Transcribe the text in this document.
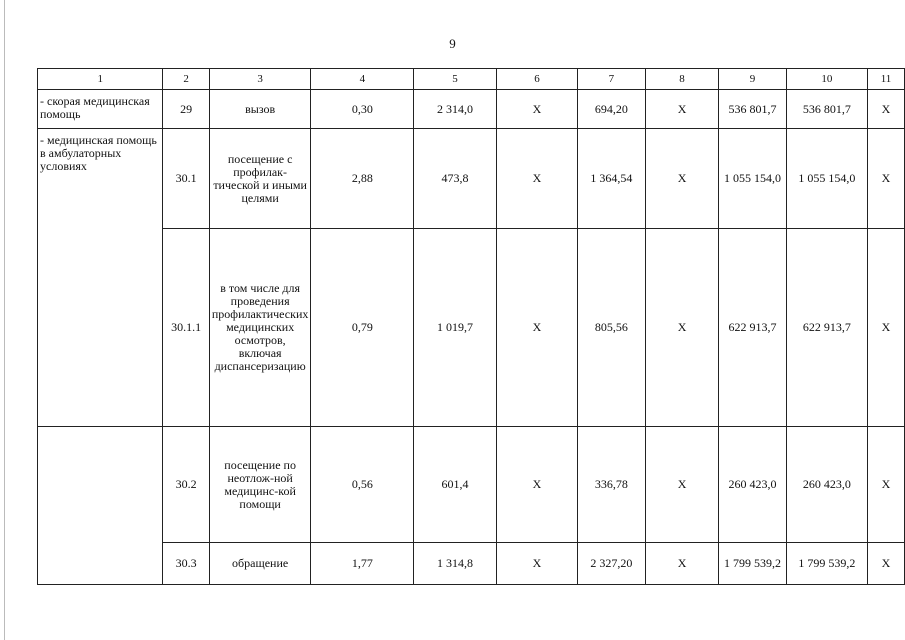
9
1	2	3	4	5	6	7	8	9	10	11
- скорая медицинская помощь	29	вызов	0,30	2 314,0	Х	694,20	Х	536 801,7	536 801,7	Х
- медицинская помощь в амбулаторных условиях	30.1	посещение с профилак-тической и иными целями	2,88	473,8	Х	1 364,54	Х	1 055 154,0	1 055 154,0	Х
	30.1.1	в том числе для проведения профилактических медицинских осмотров, включая диспансеризацию	0,79	1 019,7	Х	805,56	Х	622 913,7	622 913,7	Х
	30.2	посещение по неотлож-ной медицинс-кой помощи	0,56	601,4	Х	336,78	Х	260 423,0	260 423,0	Х
	30.3	обращение	1,77	1 314,8	Х	2 327,20	Х	1 799 539,2	1 799 539,2	Х
